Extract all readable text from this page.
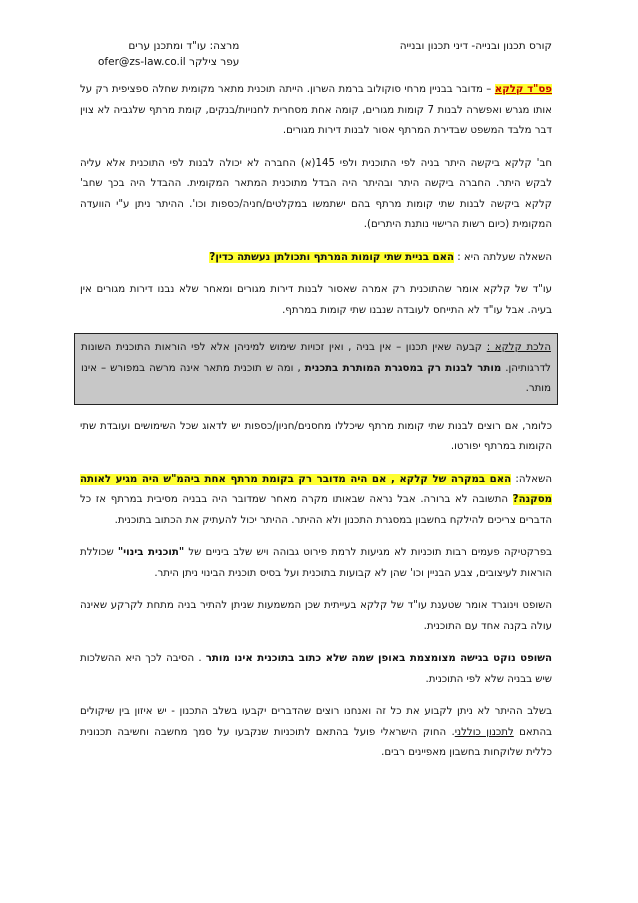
קורס תכנון ובנייה- דיני תכנון ובנייה
מרצה: עו"ד ומתכנן ערים
עפר צילקר ofer@zs-law.co.il

פס"ד קלקא – מדובר בבניין מרחי סוקולוב ברמת השרון. הייתה תוכנית מתאר מקומית שחלה ספציפית רק על אותו מגרש ואפשרה לבנות 7 קומות מגורים, קומה אחת מסחרית לחנויות/בנקים, קומת מרתף שלגביה לא צוין דבר מלבד המשפט שבדירת המרתף אסור לבנות דירות מגורים.

חב' קלקא ביקשה היתר בניה לפי התוכנית ולפי 145(א) החברה לא יכולה לבנות לפי התוכנית אלא עליה לבקש היתר. החברה ביקשה היתר ובהיתר היה הבדל מתוכנית המתאר המקומית. ההבדל היה בכך שחב' קלקא ביקשה לבנות שתי קומות מרתף בהם ישתמשו במקלטים/חניה/כספות וכו'. ההיתר ניתן ע"י הוועדה המקומית (כיום רשות הרישוי נותנת היתרים).

השאלה שעלתה היא : האם בניית שתי קומות המרתף ותכולתן נעשתה כדין?

עו"ד של קלקא אומר שהתוכנית רק אמרה שאסור לבנות דירות מגורים ומאחר שלא נבנו דירות מגורים אין בעיה. אבל עו"ד לא התייחס לעובדה שנבנו שתי קומות במרתף.

הלכת קלקא : קבעה שאין תכנון – אין בניה , ואין זכויות שימוש למיניהן אלא לפי הוראות התוכנית השונות לדרגותיהן. מותר לבנות רק במסגרת המותרת בתכנית , ומה ש תוכנית מתאר אינה מרשה במפורש – אינו מותר.

כלומר, אם רוצים לבנות שתי קומות מרתף שיכללו מחסנים/חניון/כספות יש לדאוג שכל השימושים ועובדת שתי הקומות במרתף יפורטו.

השאלה: האם במקרה של קלקא , אם היה מדובר רק בקומת מרתף אחת ביהמ"ש היה מגיע לאותה מסקנה? התשובה לא ברורה. אבל נראה שבאותו מקרה מאחר שמדובר היה בבניה מסיבית במרתף אז כל הדברים צריכים להילקח בחשבון במסגרת התכנון ולא ההיתר. ההיתר יכול להעתיק את הכתוב בתוכנית.

בפרקטיקה פעמים רבות תוכניות לא מגיעות לרמת פירוט גבוהה ויש שלב ביניים של "תוכנית בינוי" שכוללת הוראות לעיצובים, צבע הבניין וכו' שהן לא קבועות בתוכנית ועל בסיס תוכנית הבינוי ניתן היתר.

השופט וינוגרד אומר שטענת עו"ד של קלקא בעייתית שכן המשמעות שניתן להתיר בניה מתחת לקרקע שאינה עולה בקנה אחד עם התוכנית.

השופט נוקט בגישה מצומצמת באופן שמה שלא כתוב בתוכנית אינו מותר . הסיבה לכך היא ההשלכות שיש בבניה שלא לפי התוכנית.

בשלב ההיתר לא ניתן לקבוע את כל זה ואנחנו רוצים שהדברים יקבעו בשלב התכנון - יש איזון בין שיקולים בהתאם לתכנון כוללני. החוק הישראלי פועל בהתאם לתוכניות שנקבעו על סמך מחשבה וחשיבה תכנונית כללית שלוקחות בחשבון מאפיינים רבים.
